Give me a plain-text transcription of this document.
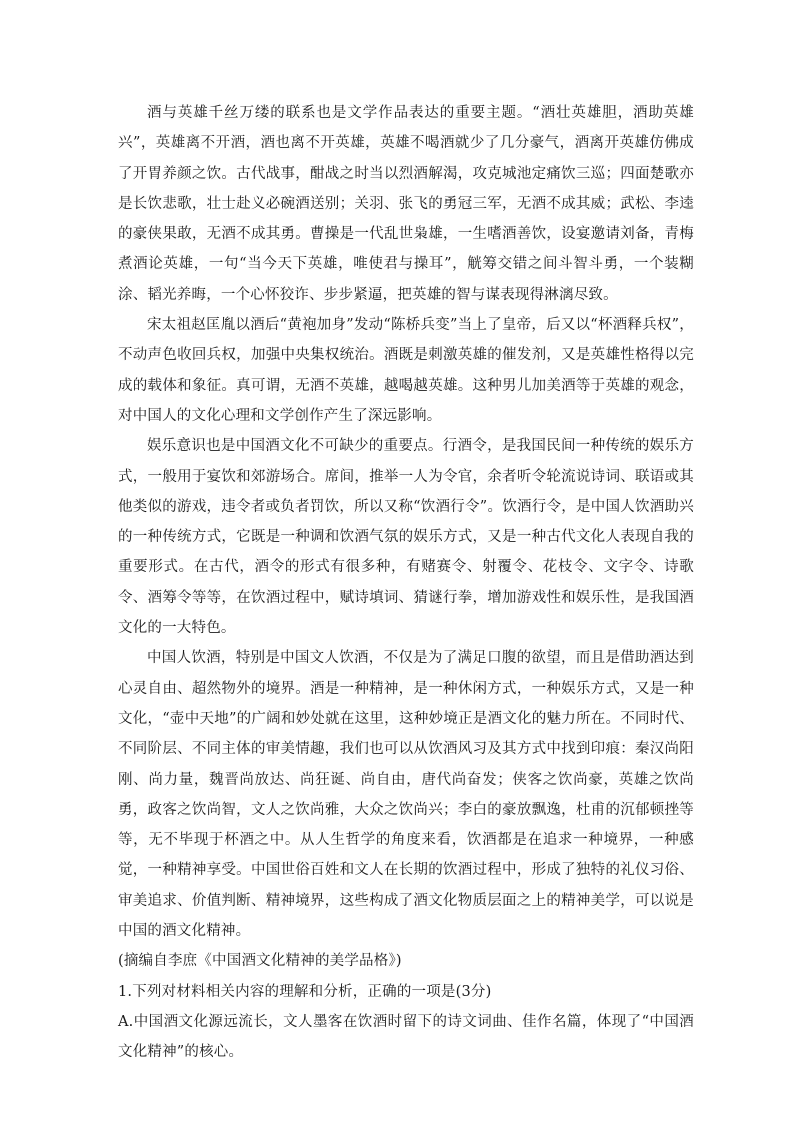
酒与英雄千丝万缕的联系也是文学作品表达的重要主题。“酒壮英雄胆，酒助英雄兴”，英雄离不开酒，酒也离不开英雄，英雄不喝酒就少了几分豪气，酒离开英雄仿佛成了开胃养颜之饮。古代战事，酣战之时当以烈酒解渴，攻克城池定痛饮三巡；四面楚歌亦是长饮悲歌，壮士赴义必碗酒送别；关羽、张飞的勇冠三军，无酒不成其威；武松、李逵的豪侠果敢，无酒不成其勇。曹操是一代乱世枭雄，一生嗜酒善饮，设宴邀请刘备，青梅煮酒论英雄，一句“当今天下英雄，唯使君与操耳”，觥筹交错之间斗智斗勇，一个装糊涂、韬光养晦，一个心怀狡诈、步步紧逼，把英雄的智与谋表现得淋漓尽致。

宋太祖赵匡胤以酒后“黄袍加身”发动“陈桥兵变”当上了皇帝，后又以“杯酒释兵权”，不动声色收回兵权，加强中央集权统治。酒既是刺激英雄的催发剂，又是英雄性格得以完成的载体和象征。真可谓，无酒不英雄，越喝越英雄。这种男儿加美酒等于英雄的观念，对中国人的文化心理和文学创作产生了深远影响。

娱乐意识也是中国酒文化不可缺少的重要点。行酒令，是我国民间一种传统的娱乐方式，一般用于宴饮和郊游场合。席间，推举一人为令官，余者听令轮流说诗词、联语或其他类似的游戏，违令者或负者罚饮，所以又称“饮酒行令”。饮酒行令，是中国人饮酒助兴的一种传统方式，它既是一种调和饮酒气氛的娱乐方式，又是一种古代文化人表现自我的重要形式。在古代，酒令的形式有很多种，有赌赛令、射覆令、花枝令、文字令、诗歌令、酒筹令等等，在饮酒过程中，赋诗填词、猜谜行拳，增加游戏性和娱乐性，是我国酒文化的一大特色。

中国人饮酒，特别是中国文人饮酒，不仅是为了满足口腹的欲望，而且是借助酒达到心灵自由、超然物外的境界。酒是一种精神，是一种休闲方式，一种娱乐方式，又是一种文化，“壶中天地”的广阔和妙处就在这里，这种妙境正是酒文化的魅力所在。不同时代、不同阶层、不同主体的审美情趣，我们也可以从饮酒风习及其方式中找到印痕：秦汉尚阳刚、尚力量，魏晋尚放达、尚狂诞、尚自由，唐代尚奋发；侠客之饮尚豪，英雄之饮尚勇，政客之饮尚智，文人之饮尚雅，大众之饮尚兴；李白的豪放飘逸，杜甫的沉郁顿挫等等，无不毕现于杯酒之中。从人生哲学的角度来看，饮酒都是在追求一种境界，一种感觉，一种精神享受。中国世俗百姓和文人在长期的饮酒过程中，形成了独特的礼仪习俗、审美追求、价值判断、精神境界，这些构成了酒文化物质层面之上的精神美学，可以说是中国的酒文化精神。

(摘编自李庶《中国酒文化精神的美学品格》)

1.下列对材料相关内容的理解和分析，正确的一项是(3分)

A.中国酒文化源远流长，文人墨客在饮酒时留下的诗文词曲、佳作名篇，体现了“中国酒文化精神”的核心。
